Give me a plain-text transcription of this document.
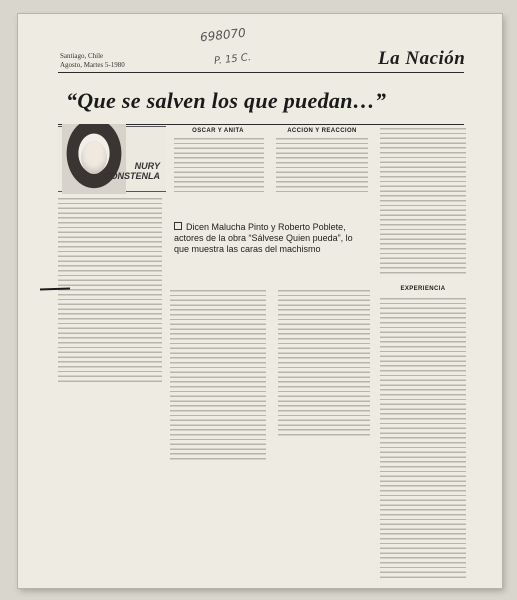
698070
P. 15 C.
Santiago, Chile
Agosto, Martes 5-1980	La Nación
“Que se salven los que puedan…”
NURY
CONSTENLA
OSCAR Y ANITA	ACCION Y REACCION
Dicen Malucha Pinto y Roberto Poblete, actores de la obra “Sálvese Quien pueda”, lo que muestra las caras del machismo
EXPERIENCIA
